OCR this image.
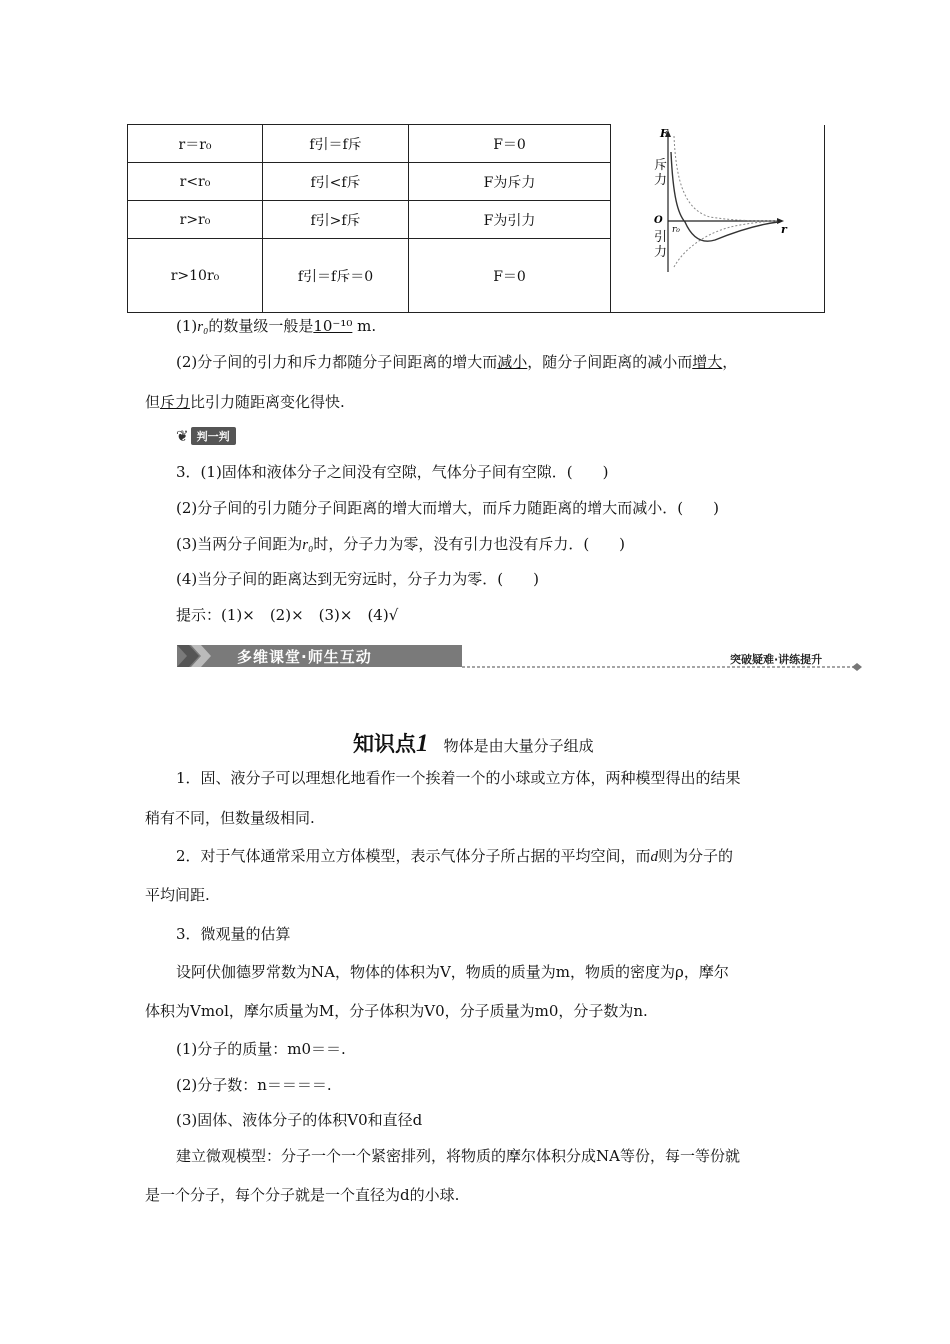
r＝r₀	f引＝f斥	F＝0	
r<r₀	f引<f斥	F为斥力	
r>r₀	f引>f斥	F为引力	
r>10r₀	f引＝f斥＝0	F＝0	
F
O
r
r₀
斥力
引力
(1)r₀的数量级一般是10⁻¹⁰ m.
(2)分子间的引力和斥力都随分子间距离的增大而减小，随分子间距离的减小而增大，
但斥力比引力随距离变化得快.
❦ 判一判
3．(1)固体和液体分子之间没有空隙，气体分子间有空隙．(　　)
(2)分子间的引力随分子间距离的增大而增大，而斥力随距离的增大而减小．(　　)
(3)当两分子间距为r₀时，分子力为零，没有引力也没有斥力．(　　)
(4)当分子间的距离达到无穷远时，分子力为零．(　　)
提示：(1)×　(2)×　(3)×　(4)√
多维课堂·师生互动	突破疑难·讲练提升
知识点1 物体是由大量分子组成
1．固、液分子可以理想化地看作一个挨着一个的小球或立方体，两种模型得出的结果
稍有不同，但数量级相同.
2．对于气体通常采用立方体模型，表示气体分子所占据的平均空间，而d则为分子的
平均间距.
3．微观量的估算
设阿伏伽德罗常数为NA，物体的体积为V，物质的质量为m，物质的密度为ρ，摩尔
体积为Vmol，摩尔质量为M，分子体积为V0，分子质量为m0，分子数为n.
(1)分子的质量：m0＝＝.
(2)分子数：n＝＝＝＝.
(3)固体、液体分子的体积V0和直径d
建立微观模型：分子一个一个紧密排列，将物质的摩尔体积分成NA等份，每一等份就
是一个分子，每个分子就是一个直径为d的小球.
